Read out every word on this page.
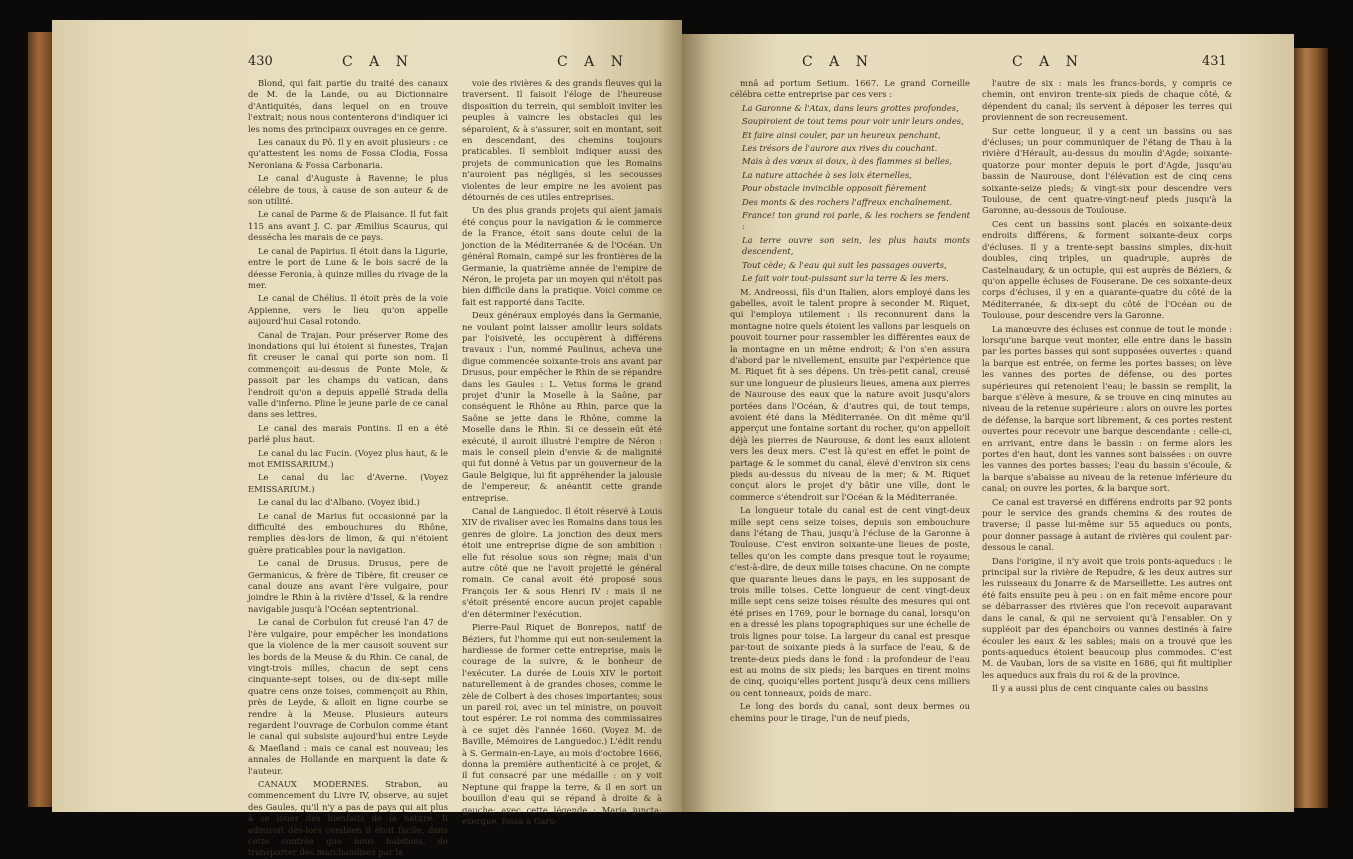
430	C A N	C A N

Blond, qui fait partie du traité des canaux de M. de la Lande, ou au Dictionnaire d'Antiquités, dans lequel on en trouve l'extrait; nous nous contenterons d'indiquer ici les noms des principaux ouvrages en ce genre.

Les canaux du Pô. Il y en avoit plusieurs : ce qu'attestent les noms de Fossa Clodia, Fossa Neroniana & Fossa Carbonaria.

Le canal d'Auguste à Ravenne; le plus célebre de tous, à cause de son auteur & de son utilité.

Le canal de Parme & de Plaisance. Il fut fait 115 ans avant J. C. par Æmilius Scaurus, qui dessécha les marais de ce pays.

Le canal de Papirius. Il étoit dans la Ligurie, entre le port de Lune & le bois sacré de la déesse Feronia, à quinze milles du rivage de la mer.

Le canal de Chélius. Il étoit près de la voie Appienne, vers le lieu qu'on appelle aujourd'hui Casal rotondo.

Canal de Trajan. Pour préserver Rome des inondations qui lui étoient si funestes, Trajan fit creuser le canal qui porte son nom. Il commençoit au-dessus de Ponte Mole, & passoit par les champs du vatican, dans l'endroit qu'on a depuis appellé Strada della valle d'inferno. Pline le jeune parle de ce canal dans ses lettres.

Le canal des marais Pontins. Il en a été parlé plus haut.

Le canal du lac Fucin. (Voyez plus haut, & le mot EMISSARIUM.)

Le canal du lac d'Averne. (Voyez EMISSARIUM.)

Le canal du lac d'Albano. (Voyez ibid.)

Le canal de Marius fut occasionné par la difficulté des embouchures du Rhône, remplies dès-lors de limon, & qui n'étoient guère praticables pour la navigation.

Le canal de Drusus. Drusus, pere de Germanicus, & frère de Tibère, fit creuser ce canal douze ans avant l'ère vulgaire, pour joindre le Rhin à la rivière d'Issel, & la rendre navigable jusqu'à l'Océan septentrional.

Le canal de Corbulon fut creusé l'an 47 de l'ère vulgaire, pour empêcher les inondations que la violence de la mer causoit souvent sur les bords de la Meuse & du Rhin. Ce canal, de vingt-trois milles, chacun de sept cens cinquante-sept toises, ou de dix-sept mille quatre cens onze toises, commençoit au Rhin, près de Leyde, & alloit en ligne courbe se rendre à la Meuse. Plusieurs auteurs regardent l'ouvrage de Corbulon comme étant le canal qui subsiste aujourd'hui entre Leyde & Maeſland : mais ce canal est nouveau; les annales de Hollande en marquent la date & l'auteur.

CANAUX MODERNES. Strabon, au commencement du Livre IV, observe, au sujet des Gaules, qu'il n'y a pas de pays qui ait plus à se louer des bienfaits de la nature. Il admiroit dès-lors combien il étoit facile, dans cette contrée que nous habitons, de transporter des marchandises par la

voie des rivières & des grands fleuves qui la traversent. Il faisoit l'éloge de l'heureuse disposition du terrein, qui sembloit inviter les peuples à vaincre les obstacles qui les séparoient, & à s'assurer, soit en montant, soit en descendant, des chemins toujours praticables. Il sembloit indiquer aussi des projets de communication que les Romains n'auroient pas négligés, si les secousses violentes de leur empire ne les avoient pas détournés de ces utiles entreprises.

Un des plus grands projets qui aient jamais été conçus pour la navigation & le commerce de la France, étoit sans doute celui de la jonction de la Méditerranée & de l'Océan. Un général Romain, campé sur les frontières de la Germanie, la quatrième année de l'empire de Néron, le projeta par un moyen qui n'étoit pas bien difficile dans la pratique. Voici comme ce fait est rapporté dans Tacite.

Deux généraux employés dans la Germanie, ne voulant point laisser amollir leurs soldats par l'oisiveté, les occupèrent à différens travaux : l'un, nommé Paulinus, acheva une digue commencée soixante-trois ans avant par Drusus, pour empêcher le Rhin de se répandre dans les Gaules : L. Vetus forma le grand projet d'unir la Moselle à la Saône, par conséquent le Rhône au Rhin, parce que la Saône se jette dans le Rhône, comme la Moselle dans le Rhin. Si ce dessein eût été exécuté, il auroit illustré l'empire de Néron : mais le conseil plein d'envie & de malignité qui fut donné à Vetus par un gouverneur de la Gaule Belgique, lui fit appréhender la jalousie de l'empereur, & anéantit cette grande entreprise.

Canal de Languedoc. Il étoit réservé à Louis XIV de rivaliser avec les Romains dans tous les genres de gloire. La jonction des deux mers étoit une entreprise digne de son ambition : elle fut résolue sous son règne; mais d'un autre côté que ne l'avoit projetté le général romain. Ce canal avoit été proposé sous François Ier & sous Henri IV : mais il ne s'étoit présenté encore aucun projet capable d'en déterminer l'exécution.

Pierre-Paul Riquet de Bonrepos, natif de Béziers, fut l'homme qui eut non-seulement la hardiesse de former cette entreprise, mais le courage de la suivre, & le bonheur de l'exécuter. La durée de Louis XIV le portoit naturellement à de grandes choses, comme le zèle de Colbert à des choses importantes; sous un pareil roi, avec un tel ministre, on pouvoit tout espérer. Le roi nomma des commissaires à ce sujet dès l'année 1660. (Voyez M. de Baville, Mémoires de Languedoc.) L'édit rendu à S. Germain-en-Laye, au mois d'octobre 1666, donna la première authenticité à ce projet, & il fut consacré par une médaille : on y voit Neptune qui frappe la terre, & il en sort un bouillon d'eau qui se répand à droite & à gauche; avec cette légende : Maria juncta; exergue, fossa à Garu-

C A N	C A N	431

mnâ ad portum Setium. 1667. Le grand Corneille célébra cette entreprise par ces vers :

La Garonne & l'Atax, dans leurs grottes profondes,

Soupiroient de tout tems pour voir unir leurs ondes,

Et faire ainsi couler, par un heureux penchant,

Les trésors de l'aurore aux rives du couchant.

Mais à des vœux si doux, à des flammes si belles,

La nature attachée à ses loix éternelles,

Pour obstacle invincible opposoit fièrement

Des monts & des rochers l'affreux enchaînement.

France! ton grand roi parle, & les rochers se fendent :

La terre ouvre son sein, les plus hauts monts descendent,

Tout cède; & l'eau qui suit les passages ouverts,

Le fait voir tout-puissant sur la terre & les mers.

M. Andreossi, fils d'un Italien, alors employé dans les gabelles, avoit le talent propre à seconder M. Riquet, qui l'employa utilement : ils reconnurent dans la montagne noire quels étoient les vallons par lesquels on pouvoit tourner pour rassembler les différentes eaux de la montagne en un même endroit; & l'on s'en assura d'abord par le nivellement, ensuite par l'expérience que M. Riquet fit à ses dépens. Un très-petit canal, creusé sur une longueur de plusieurs lieues, amena aux pierres de Naurouse des eaux que la nature avoit jusqu'alors portées dans l'Océan, & d'autres qui, de tout temps, avoient été dans la Méditerranée. On dit même qu'il apperçut une fontaine sortant du rocher, qu'on appelloit déjà les pierres de Naurouse, & dont les eaux alloient vers les deux mers. C'est là qu'est en effet le point de partage & le sommet du canal, élevé d'environ six cens pieds au-dessus du niveau de la mer; & M. Riquet conçut alors le projet d'y bâtir une ville, dont le commerce s'étendroit sur l'Océan & la Méditerranée.

La longueur totale du canal est de cent vingt-deux mille sept cens seize toises, depuis son embouchure dans l'étang de Thau, jusqu'à l'écluse de la Garonne à Toulouse. C'est environ soixante-une lieues de poste, telles qu'on les compte dans presque tout le royaume; c'est-à-dire, de deux mille toises chacune. On ne compte que quarante lieues dans le pays, en les supposant de trois mille toises. Cette longueur de cent vingt-deux mille sept cens seize toises résulte des mesures qui ont été prises en 1769, pour le bornage du canal, lorsqu'on en a dressé les plans topographiques sur une échelle de trois lignes pour toise. La largeur du canal est presque par-tout de soixante pieds à la surface de l'eau, & de trente-deux pieds dans le fond : la profondeur de l'eau est au moins de six pieds; les barques en tirent moins de cinq, quoiqu'elles portent jusqu'à deux cens milliers ou cent tonneaux, poids de marc.

Le long des bords du canal, sont deux bermes ou chemins pour le tirage, l'un de neuf pieds,

l'autre de six : mais les francs-bords, y compris ce chemin, ont environ trente-six pieds de chaque côté, & dépendent du canal; ils servent à déposer les terres qui proviennent de son recreusement.

Sur cette longueur, il y a cent un bassins ou sas d'écluses; un pour communiquer de l'étang de Thau à la rivière d'Hérault, au-dessus du moulin d'Agde; soixante-quatorze pour monter depuis le port d'Agde, jusqu'au bassin de Naurouse, dont l'élévation est de cinq cens soixante-seize pieds; & vingt-six pour descendre vers Toulouse, de cent quatre-vingt-neuf pieds jusqu'à la Garonne, au-dessous de Toulouse.

Ces cent un bassins sont placés en soixante-deux endroits différens, & forment soixante-deux corps d'écluses. Il y a trente-sept bassins simples, dix-huit doubles, cinq triples, un quadruple, auprès de Castelnaudary, & un octuple, qui est auprès de Béziers, & qu'on appelle écluses de Fouserane. De ces soixante-deux corps d'écluses, il y en a quarante-quatre du côté de la Méditerranée, & dix-sept du côté de l'Océan ou de Toulouse, pour descendre vers la Garonne.

La manœuvre des écluses est connue de tout le monde : lorsqu'une barque veut monter, elle entre dans le bassin par les portes basses qui sont supposées ouvertes : quand la barque est entrée, on ferme les portes basses; on lève les vannes des portes de défense, ou des portes supérieures qui retenoient l'eau; le bassin se remplit, la barque s'élève à mesure, & se trouve en cinq minutes au niveau de la retenue supérieure : alors on ouvre les portes de défense, la barque sort librement, & ces portes restent ouvertes pour recevoir une barque descendante : celle-ci, en arrivant, entre dans le bassin : on ferme alors les portes d'en haut, dont les vannes sont baissées : on ouvre les vannes des portes basses; l'eau du bassin s'écoule, & la barque s'abaisse au niveau de la retenue inférieure du canal; on ouvre les portes, & la barque sort.

Ce canal est traversé en différens endroits par 92 ponts pour le service des grands chemins & des routes de traverse; il passe lui-même sur 55 aqueducs ou ponts, pour donner passage à autant de rivières qui coulent par-dessous le canal.

Dans l'origine, il n'y avoit que trois ponts-aqueducs : le principal sur la rivière de Repudre, & les deux autres sur les ruisseaux du Jonarre & de Marseillette. Les autres ont été faits ensuite peu à peu : on en fait même encore pour se débarrasser des rivières que l'on recevoit auparavant dans le canal, & qui ne servoient qu'à l'ensabler. On y suppléoit par des épanchoirs ou vannes destinés à faire écouler les eaux & les sables; mais on a trouvé que les ponts-aqueducs étoient beaucoup plus commodes. C'est M. de Vauban, lors de sa visite en 1686, qui fit multiplier les aqueducs aux frais du roi & de la province.

Il y a aussi plus de cent cinquante cales ou bassins
